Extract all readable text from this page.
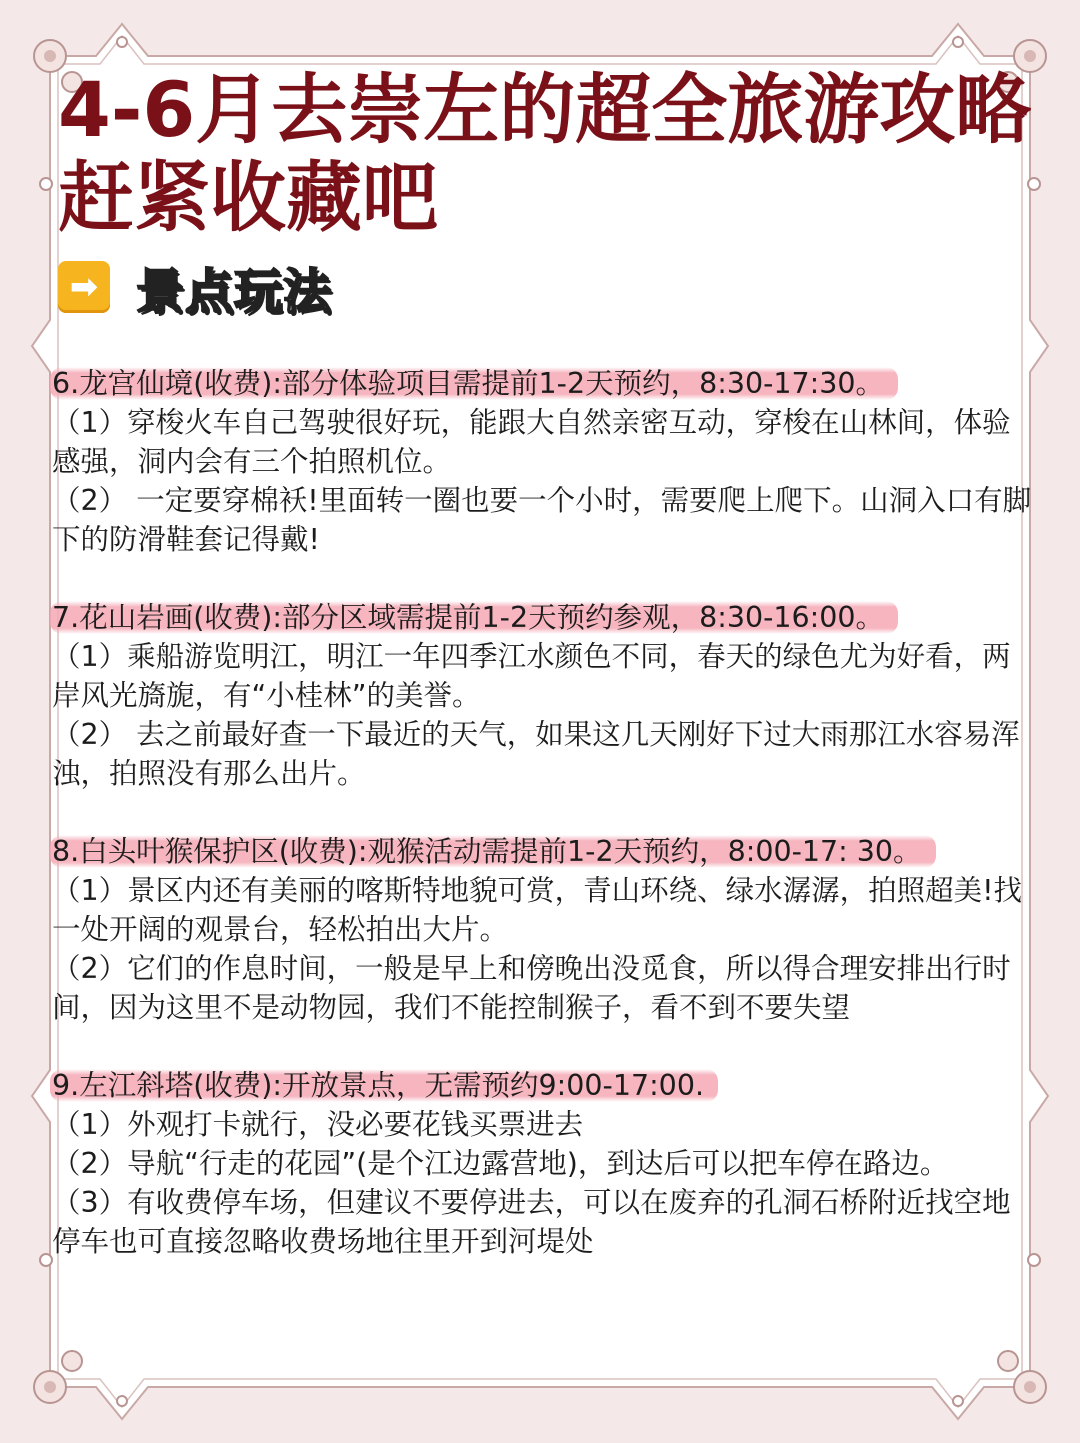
4-6月去崇左的超全旅游攻略
赶紧收藏吧
➡ 景点玩法

6.龙宫仙境(收费):部分体验项目需提前1-2天预约，8:30-17:30。

（1）穿梭火车自己驾驶很好玩，能跟大自然亲密互动，穿梭在山林间，体验感强，洞内会有三个拍照机位。

（2） 一定要穿棉袄!里面转一圈也要一个小时，需要爬上爬下。山洞入口有脚下的防滑鞋套记得戴!

7.花山岩画(收费):部分区域需提前1-2天预约参观，8:30-16:00。

（1）乘船游览明江，明江一年四季江水颜色不同，春天的绿色尤为好看，两岸风光旖旎，有“小桂林”的美誉。

（2） 去之前最好查一下最近的天气，如果这几天刚好下过大雨那江水容易浑浊，拍照没有那么出片。

8.白头叶猴保护区(收费):观猴活动需提前1-2天预约，8:00-17: 30。

（1）景区内还有美丽的喀斯特地貌可赏，青山环绕、绿水潺潺，拍照超美!找一处开阔的观景台，轻松拍出大片。

（2）它们的作息时间，一般是早上和傍晚出没觅食，所以得合理安排出行时间，因为这里不是动物园，我们不能控制猴子，看不到不要失望

9.左江斜塔(收费):开放景点，无需预约9:00-17:00.

（1）外观打卡就行，没必要花钱买票进去

（2）导航“行走的花园”(是个江边露营地)，到达后可以把车停在路边。

（3）有收费停车场，但建议不要停进去，可以在废弃的孔洞石桥附近找空地停车也可直接忽略收费场地往里开到河堤处
